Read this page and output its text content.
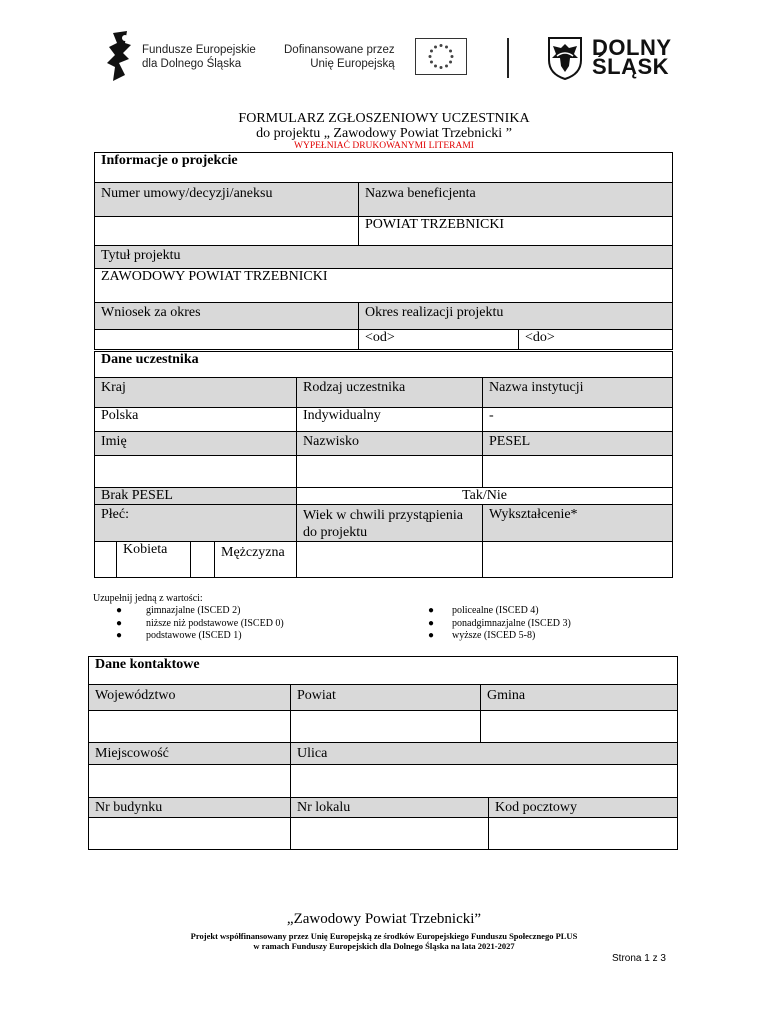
Fundusze Europejskie
dla Dolnego Śląska
Dofinansowane przez
Unię Europejską
DOLNY
ŚLĄSK
FORMULARZ ZGŁOSZENIOWY UCZESTNIKA
do projektu „ Zawodowy Powiat Trzebnicki ”
WYPEŁNIAĆ DRUKOWANYMI LITERAMI
Informacje o projekcie		
Numer umowy/decyzji/aneksu	Nazwa beneficjenta	
	POWIAT TRZEBNICKI	
Tytuł projektu		
ZAWODOWY POWIAT TRZEBNICKI		
Wniosek za okres	Okres realizacji projektu	
	<od>	<do>
Dane uczestnika					
Kraj				Rodzaj uczestnika	Nazwa instytucji
Polska				Indywidualny	-
Imię				Nazwisko	PESEL

Brak PESEL				Tak/Nie	
Płeć:				Wiek w chwili przystąpienia do projektu	Wykształcenie*
	Kobieta		Mężczyzna		
Uzupełnij jedną z wartości:
● gimnazjalne (ISCED 2)
● niższe niż podstawowe (ISCED 0)
● podstawowe (ISCED 1)
● policealne (ISCED 4)
● ponadgimnazjalne (ISCED 3)
● wyższe (ISCED 5-8)
Dane kontaktowe			
Województwo	Powiat	Gmina	

Miejscowość	Ulica		

Nr budynku	Nr lokalu		Kod pocztowy

„Zawodowy Powiat Trzebnicki”
Projekt współfinansowany przez Unię Europejską ze środków Europejskiego Funduszu Społecznego PLUS
w ramach Funduszy Europejskich dla Dolnego Śląska na lata 2021-2027
Strona 1 z 3
